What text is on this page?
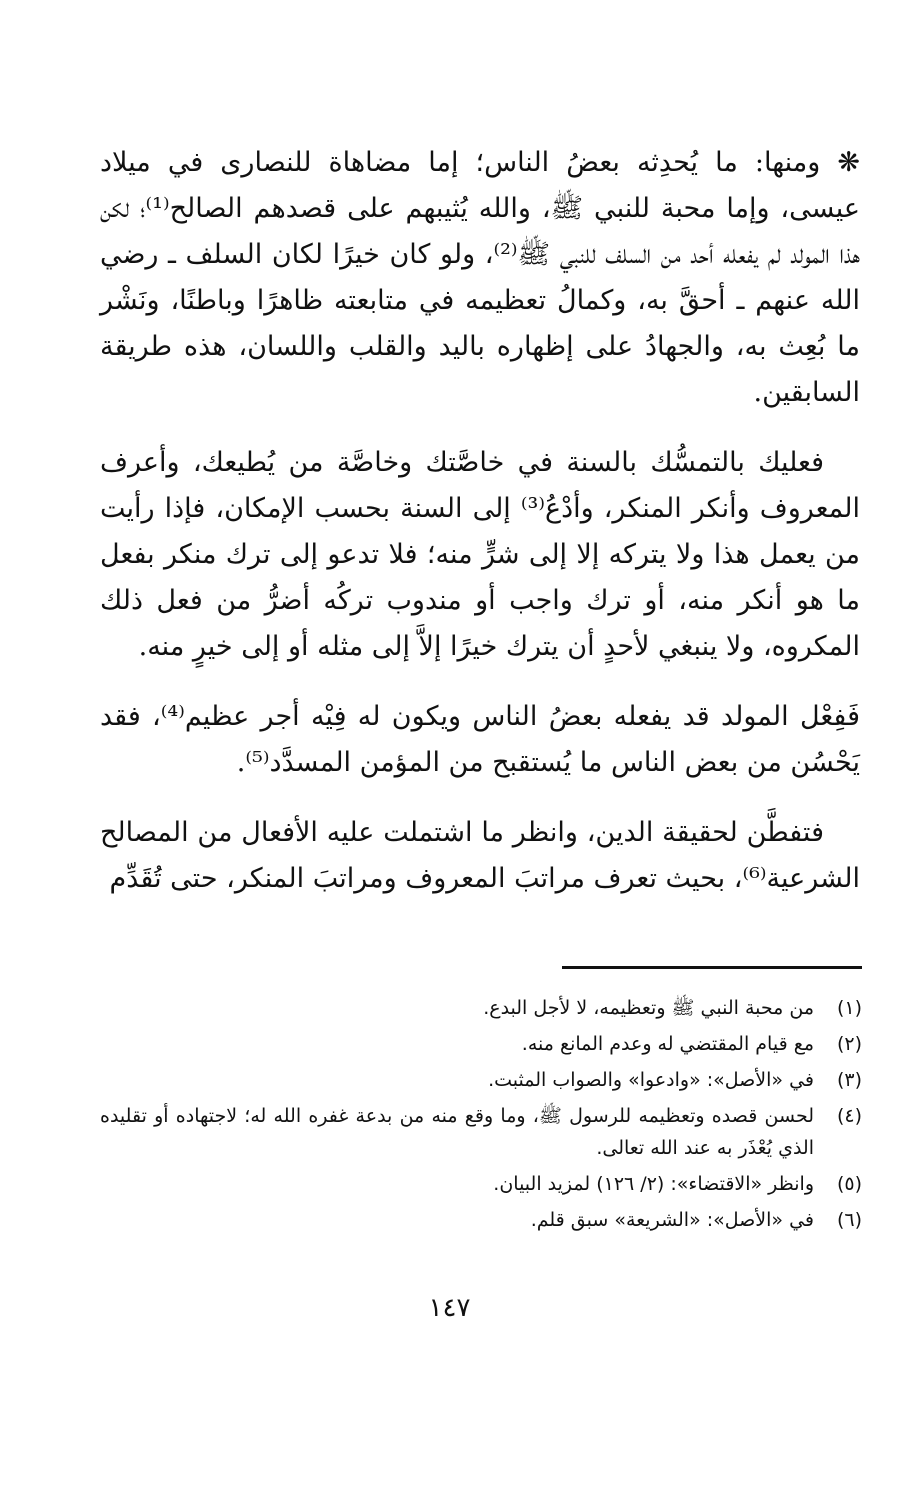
❋ ومنها: ما يُحدِثه بعضُ الناس؛ إما مضاهاة للنصارى في ميلاد عيسى، وإما محبة للنبي ﷺ، والله يُثيبهم على قصدهم الصالح⁽¹⁾؛ لكن هذا المولد لم يفعله أحد من السلف للنبي ﷺ⁽²⁾، ولو كان خيرًا لكان السلف ـ رضي الله عنهم ـ أحقَّ به، وكمالُ تعظيمه في متابعته ظاهرًا وباطنًا، ونَشْر ما بُعِث به، والجهادُ على إظهاره باليد والقلب واللسان، هذه طريقة السابقين.

فعليك بالتمسُّك بالسنة في خاصَّتك وخاصَّة من يُطيعك، وأعرف المعروف وأنكر المنكر، وأدْعُ⁽³⁾ إلى السنة بحسب الإمكان، فإذا رأيت من يعمل هذا ولا يتركه إلا إلى شرٍّ منه؛ فلا تدعو إلى ترك منكر بفعل ما هو أنكر منه، أو ترك واجب أو مندوب تركُه أضرُّ من فعل ذلك المكروه، ولا ينبغي لأحدٍ أن يترك خيرًا إلاَّ إلى مثله أو إلى خيرٍ منه.

فَفِعْل المولد قد يفعله بعضُ الناس ويكون له فِيْه أجر عظيم⁽⁴⁾، فقد يَحْسُن من بعض الناس ما يُستقبح من المؤمن المسدَّد⁽⁵⁾.

فتفطَّن لحقيقة الدين، وانظر ما اشتملت عليه الأفعال من المصالح الشرعية⁽⁶⁾، بحيث تعرف مراتبَ المعروف ومراتبَ المنكر، حتى تُقَدِّم

(١)
من محبة النبي ﷺ وتعظيمه، لا لأجل البدع.
(٢)
مع قيام المقتضي له وعدم المانع منه.
(٣)
في «الأصل»: «وادعوا» والصواب المثبت.
(٤)
لحسن قصده وتعظيمه للرسول ﷺ، وما وقع منه من بدعة غفره الله له؛ لاجتهاده أو تقليده الذي يُعْذَر به عند الله تعالى.
(٥)
وانظر «الاقتضاء»: (٢/ ١٢٦) لمزيد البيان.
(٦)
في «الأصل»: «الشريعة» سبق قلم.
١٤٧
